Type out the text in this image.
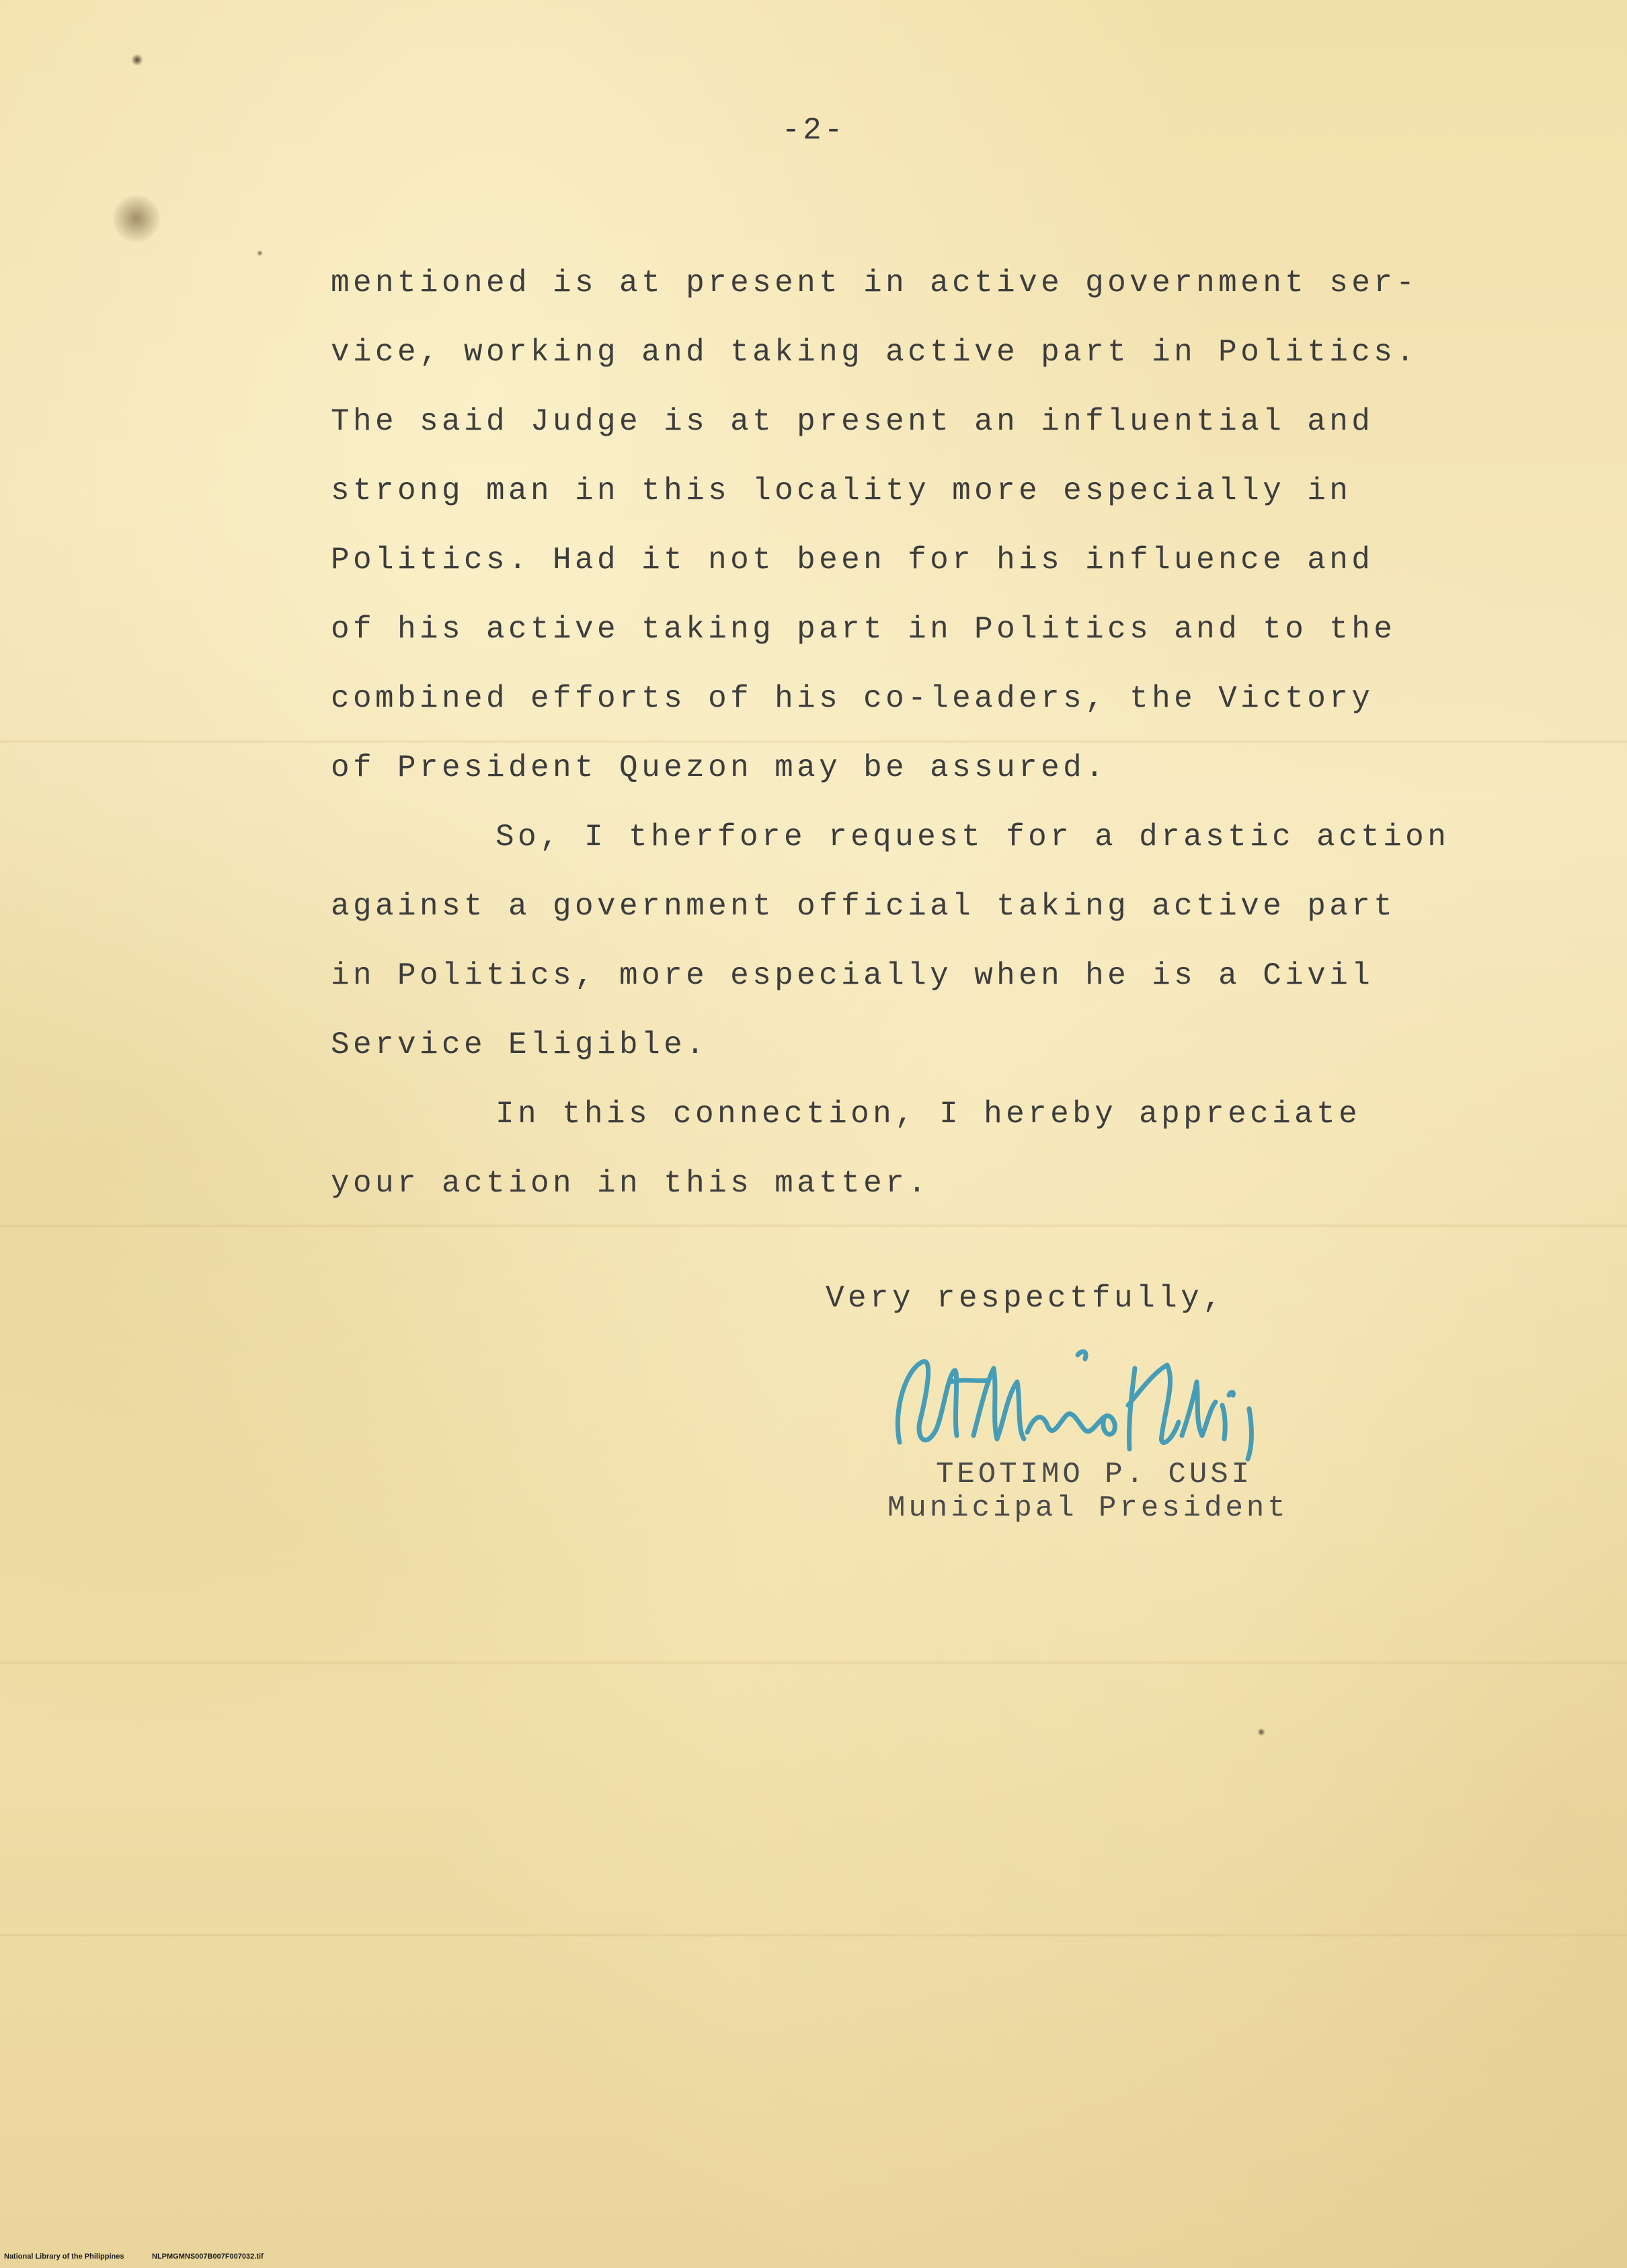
-2-
mentioned is at present in active government ser-
vice, working and taking active part in Politics.
The said Judge is at present an influential and
strong man in this locality more especially in
Politics. Had it not been for his influence and
of his active taking part in Politics and to the
combined efforts of his co-leaders, the Victory
of President Quezon may be assured.
So, I therfore request for a drastic action
against a government official taking active part
in Politics, more especially when he is a Civil
Service Eligible.
In this connection, I hereby appreciate
your action in this matter.
Very respectfully,
TEOTIMO P. CUSI
Municipal President
National Library of the Philippines	NLPMGMNS007B007F007032.tif
